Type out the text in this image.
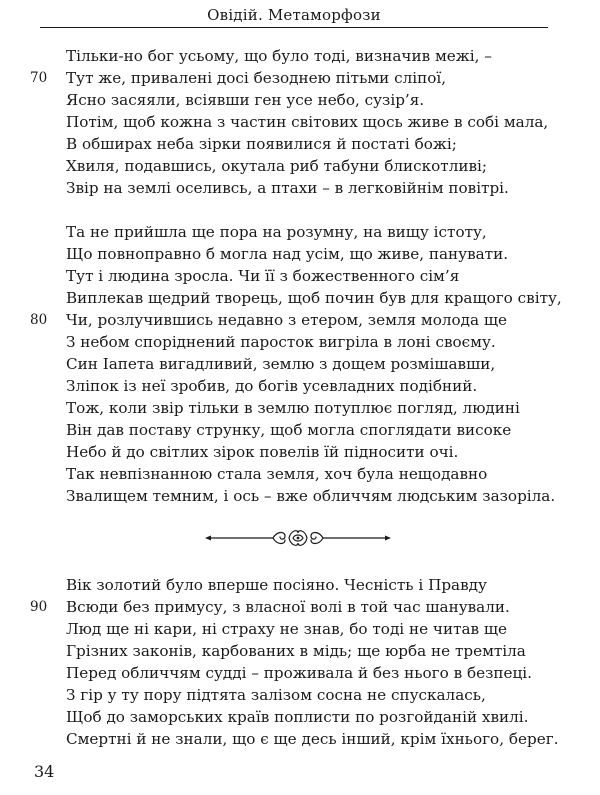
Овідій. Метаморфози
Тільки-но бог усьому, що було тоді, визначив межі, –
70 Тут же, привалені досі безоднею пітьми сліпої,
Ясно засяяли, всіявши ген усе небо, сузір’я.
Потім, щоб кожна з частин світових щось живе в собі мала,
В обширах неба зірки появилися й постаті божі;
Хвиля, подавшись, окутала риб табуни блискотливі;
Звір на землі оселивсь, а птахи – в легковійнім повітрі.
Та не прийшла ще пора на розумну, на вищу істоту,
Що повноправно б могла над усім, що живе, панувати.
Тут і людина зросла. Чи її з божественного сім’я
Виплекав щедрий творець, щоб почин був для кращого світу,
80 Чи, розлучившись недавно з етером, земля молода ще
З небом споріднений паросток вигріла в лоні своєму.
Син Іапета вигадливий, землю з дощем розмішавши,
Зліпок із неї зробив, до богів усевладних подібний.
Тож, коли звір тільки в землю потуплює погляд, людині
Він дав поставу струнку, щоб могла споглядати високе
Небо й до світлих зірок повелів їй підносити очі.
Так невпізнанною стала земля, хоч була нещодавно
Звалищем темним, і ось – вже обличчям людським зазоріла.
Вік золотий було вперше посіяно. Чесність і Правду
90 Всюди без примусу, з власної волі в той час шанували.
Люд ще ні кари, ні страху не знав, бо тоді не читав ще
Грізних законів, карбованих в мідь; ще юрба не тремтіла
Перед обличчям судді – проживала й без нього в безпеці.
З гір у ту пору підтята залізом сосна не спускалась,
Щоб до заморських країв поплисти по розгойданій хвилі.
Смертні й не знали, що є ще десь інший, крім їхнього, берег.
34
